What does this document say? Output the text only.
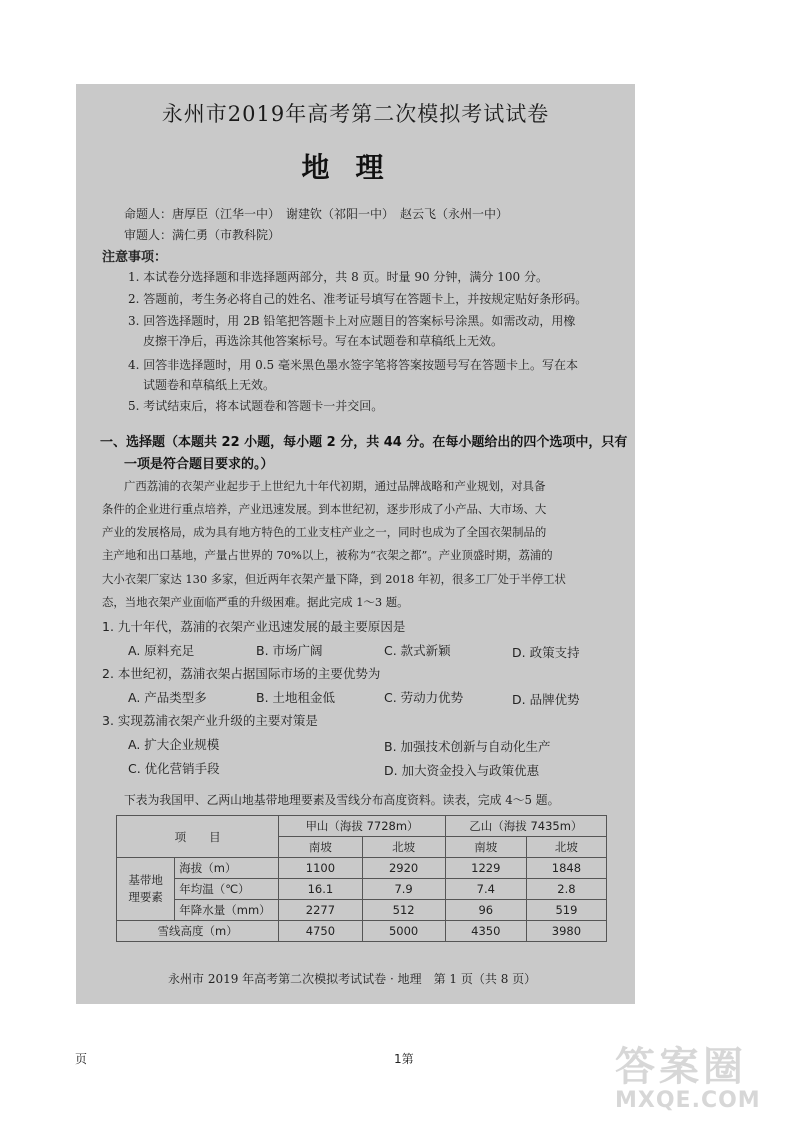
永州市2019年高考第二次模拟考试试卷
地理
命题人：唐厚臣（江华一中）　谢建钦（祁阳一中）　赵云飞（永州一中）
审题人：满仁勇（市教科院）
注意事项：
1. 本试卷分选择题和非选择题两部分，共 8 页。时量 90 分钟，满分 100 分。
2. 答题前，考生务必将自己的姓名、准考证号填写在答题卡上，并按规定贴好条形码。
3. 回答选择题时，用 2B 铅笔把答题卡上对应题目的答案标号涂黑。如需改动，用橡
皮擦干净后，再选涂其他答案标号。写在本试题卷和草稿纸上无效。
4. 回答非选择题时，用 0.5 毫米黑色墨水签字笔将答案按题号写在答题卡上。写在本
试题卷和草稿纸上无效。
5. 考试结束后，将本试题卷和答题卡一并交回。
一、选择题（本题共 22 小题，每小题 2 分，共 44 分。在每小题给出的四个选项中，只有
一项是符合题目要求的。）
广西荔浦的衣架产业起步于上世纪九十年代初期，通过品牌战略和产业规划，对具备
条件的企业进行重点培养，产业迅速发展。到本世纪初，逐步形成了小产品、大市场、大
产业的发展格局，成为具有地方特色的工业支柱产业之一，同时也成为了全国衣架制品的
主产地和出口基地，产量占世界的 70%以上，被称为“衣架之都”。产业顶盛时期，荔浦的
大小衣架厂家达 130 多家，但近两年衣架产量下降，到 2018 年初，很多工厂处于半停工状
态，当地衣架产业面临严重的升级困难。据此完成 1～3 题。
1. 九十年代，荔浦的衣架产业迅速发展的最主要原因是
A. 原料充足	B. 市场广阔	C. 款式新颖	D. 政策支持
2. 本世纪初，荔浦衣架占据国际市场的主要优势为
A. 产品类型多	B. 土地租金低	C. 劳动力优势	D. 品牌优势
3. 实现荔浦衣架产业升级的主要对策是
A. 扩大企业规模	B. 加强技术创新与自动化生产
C. 优化营销手段	D. 加大资金投入与政策优惠
下表为我国甲、乙两山地基带地理要素及雪线分布高度资料。读表，完成 4～5 题。
项　　目		甲山（海拔 7728m）		乙山（海拔 7435m）	
		南坡	北坡	南坡	北坡

基带地
理要素	海拔（m）	1100	2920	1229	1848
	年均温（℃）	16.1	7.9	7.4	2.8
	年降水量（mm）	2277	512	96	519
雪线高度（m）		4750	5000	4350	3980
永州市 2019 年高考第二次模拟考试试卷 · 地理　第 1 页（共 8 页）
页	1第	答案圈
MXQE.COM
